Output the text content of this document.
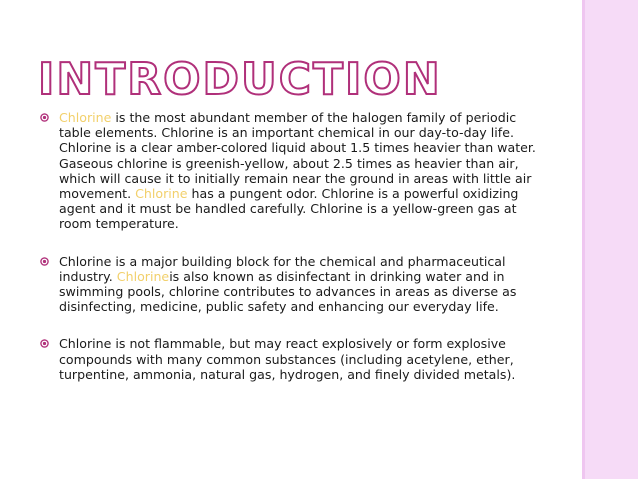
INTRODUCTION
Chlorine is the most abundant member of the halogen family of periodic table elements. Chlorine is an important chemical in our day-to-day life. Chlorine is a clear amber-colored liquid about 1.5 times heavier than water. Gaseous chlorine is greenish-yellow, about 2.5 times as heavier than air, which will cause it to initially remain near the ground in areas with little air movement. Chlorine has a pungent odor. Chlorine is a powerful oxidizing agent and it must be handled carefully. Chlorine is a yellow-green gas at room temperature.
Chlorine is a major building block for the chemical and pharmaceutical industry. Chlorineis also known as disinfectant in drinking water and in swimming pools, chlorine contributes to advances in areas as diverse as disinfecting, medicine, public safety and enhancing our everyday life.
Chlorine is not flammable, but may react explosively or form explosive compounds with many common substances (including acetylene, ether, turpentine, ammonia, natural gas, hydrogen, and finely divided metals).
